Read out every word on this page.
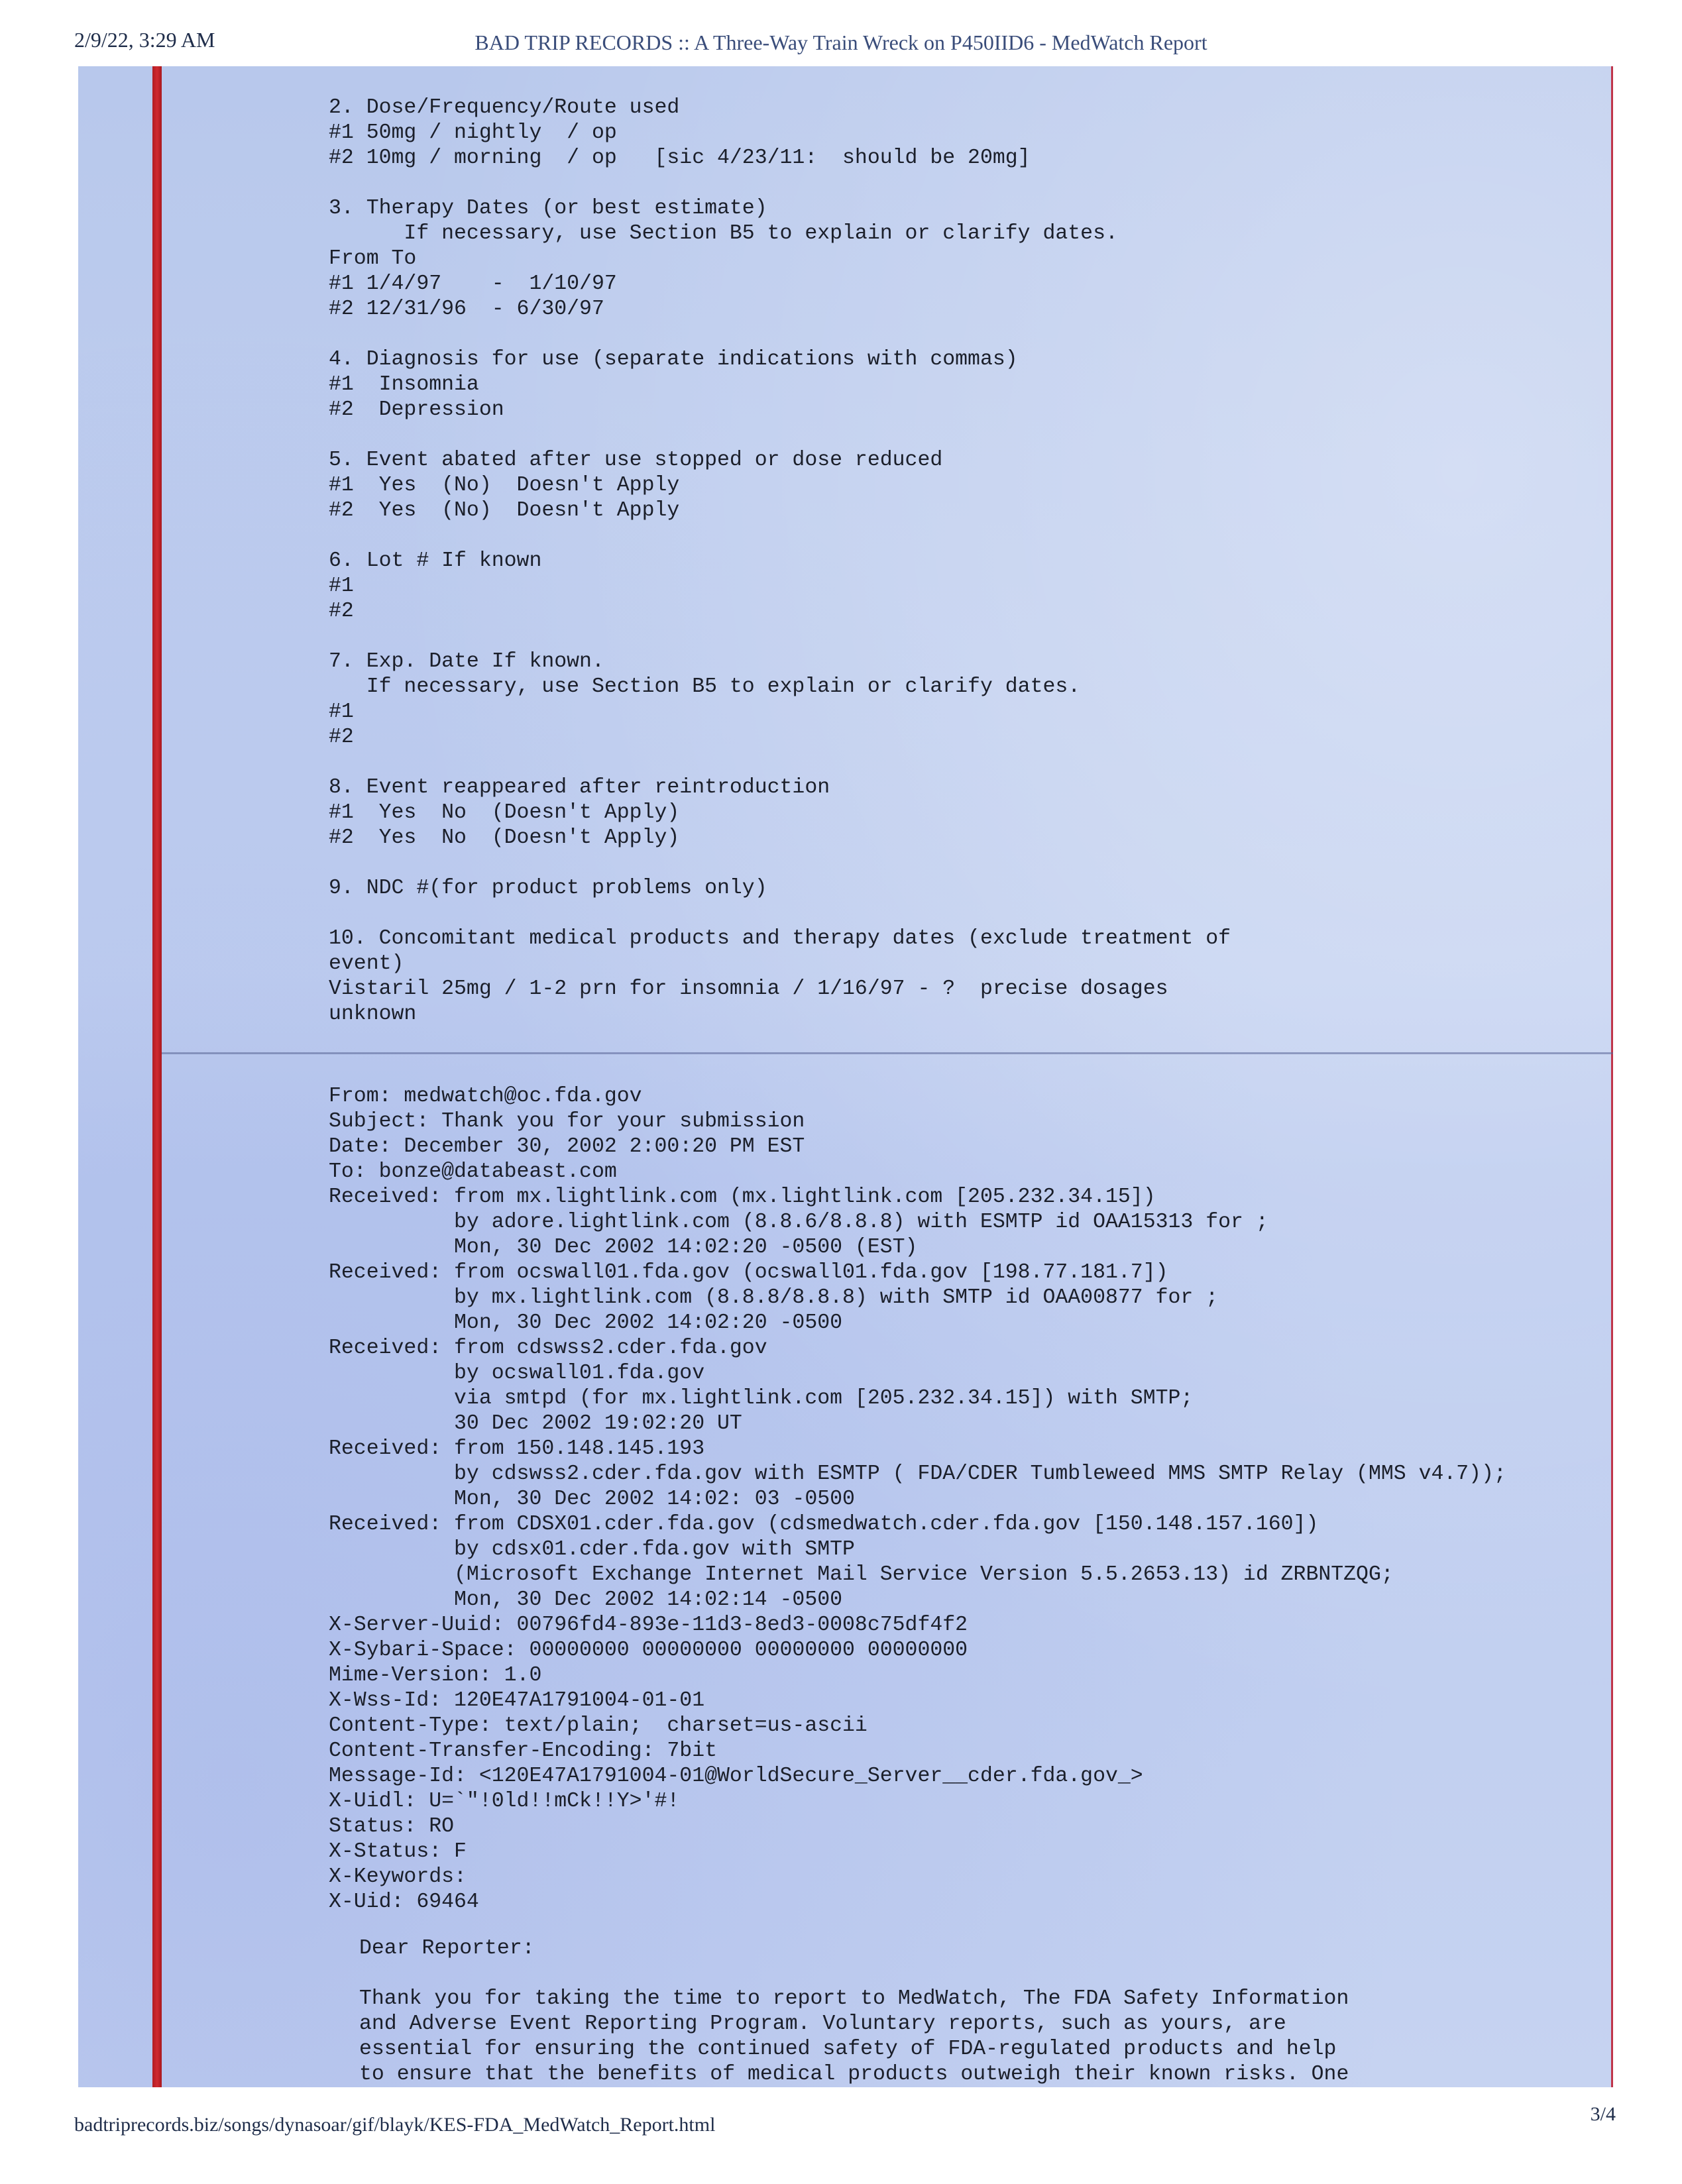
2/9/22, 3:29 AM	BAD TRIP RECORDS :: A Three-Way Train Wreck on P450IID6 - MedWatch Report
2. Dose/Frequency/Route used
#1 50mg / nightly  / op
#2 10mg / morning  / op   [sic 4/23/11:  should be 20mg]
3. Therapy Dates (or best estimate)
If necessary, use Section B5 to explain or clarify dates.
From To
#1 1/4/97    -  1/10/97
#2 12/31/96  - 6/30/97
4. Diagnosis for use (separate indications with commas)
#1  Insomnia
#2  Depression
5. Event abated after use stopped or dose reduced
#1  Yes  (No)  Doesn't Apply
#2  Yes  (No)  Doesn't Apply
6. Lot # If known
#1
#2
7. Exp. Date If known.
If necessary, use Section B5 to explain or clarify dates.
#1
#2
8. Event reappeared after reintroduction
#1  Yes  No  (Doesn't Apply)
#2  Yes  No  (Doesn't Apply)
9. NDC #(for product problems only)
10. Concomitant medical products and therapy dates (exclude treatment of
event)
Vistaril 25mg / 1-2 prn for insomnia / 1/16/97 - ?  precise dosages
unknown
From: medwatch@oc.fda.gov
Subject: Thank you for your submission
Date: December 30, 2002 2:00:20 PM EST
To: bonze@databeast.com
Received: from mx.lightlink.com (mx.lightlink.com [205.232.34.15])
by adore.lightlink.com (8.8.6/8.8.8) with ESMTP id OAA15313 for ;
Mon, 30 Dec 2002 14:02:20 -0500 (EST)
Received: from ocswall01.fda.gov (ocswall01.fda.gov [198.77.181.7])
by mx.lightlink.com (8.8.8/8.8.8) with SMTP id OAA00877 for ;
Mon, 30 Dec 2002 14:02:20 -0500
Received: from cdswss2.cder.fda.gov
by ocswall01.fda.gov
via smtpd (for mx.lightlink.com [205.232.34.15]) with SMTP;
30 Dec 2002 19:02:20 UT
Received: from 150.148.145.193
by cdswss2.cder.fda.gov with ESMTP ( FDA/CDER Tumbleweed MMS SMTP Relay (MMS v4.7));
Mon, 30 Dec 2002 14:02: 03 -0500
Received: from CDSX01.cder.fda.gov (cdsmedwatch.cder.fda.gov [150.148.157.160])
by cdsx01.cder.fda.gov with SMTP
(Microsoft Exchange Internet Mail Service Version 5.5.2653.13) id ZRBNTZQG;
Mon, 30 Dec 2002 14:02:14 -0500
X-Server-Uuid: 00796fd4-893e-11d3-8ed3-0008c75df4f2
X-Sybari-Space: 00000000 00000000 00000000 00000000
Mime-Version: 1.0
X-Wss-Id: 120E47A1791004-01-01
Content-Type: text/plain;  charset=us-ascii
Content-Transfer-Encoding: 7bit
Message-Id: <120E47A1791004-01@WorldSecure_Server__cder.fda.gov_>
X-Uidl: U=`"!0ld!!mCk!!Y>'#!
Status: RO
X-Status: F
X-Keywords:
X-Uid: 69464
Dear Reporter:
Thank you for taking the time to report to MedWatch, The FDA Safety Information
and Adverse Event Reporting Program. Voluntary reports, such as yours, are
essential for ensuring the continued safety of FDA-regulated products and help
to ensure that the benefits of medical products outweigh their known risks. One
badtriprecords.biz/songs/dynasoar/gif/blayk/KES-FDA_MedWatch_Report.html	3/4
